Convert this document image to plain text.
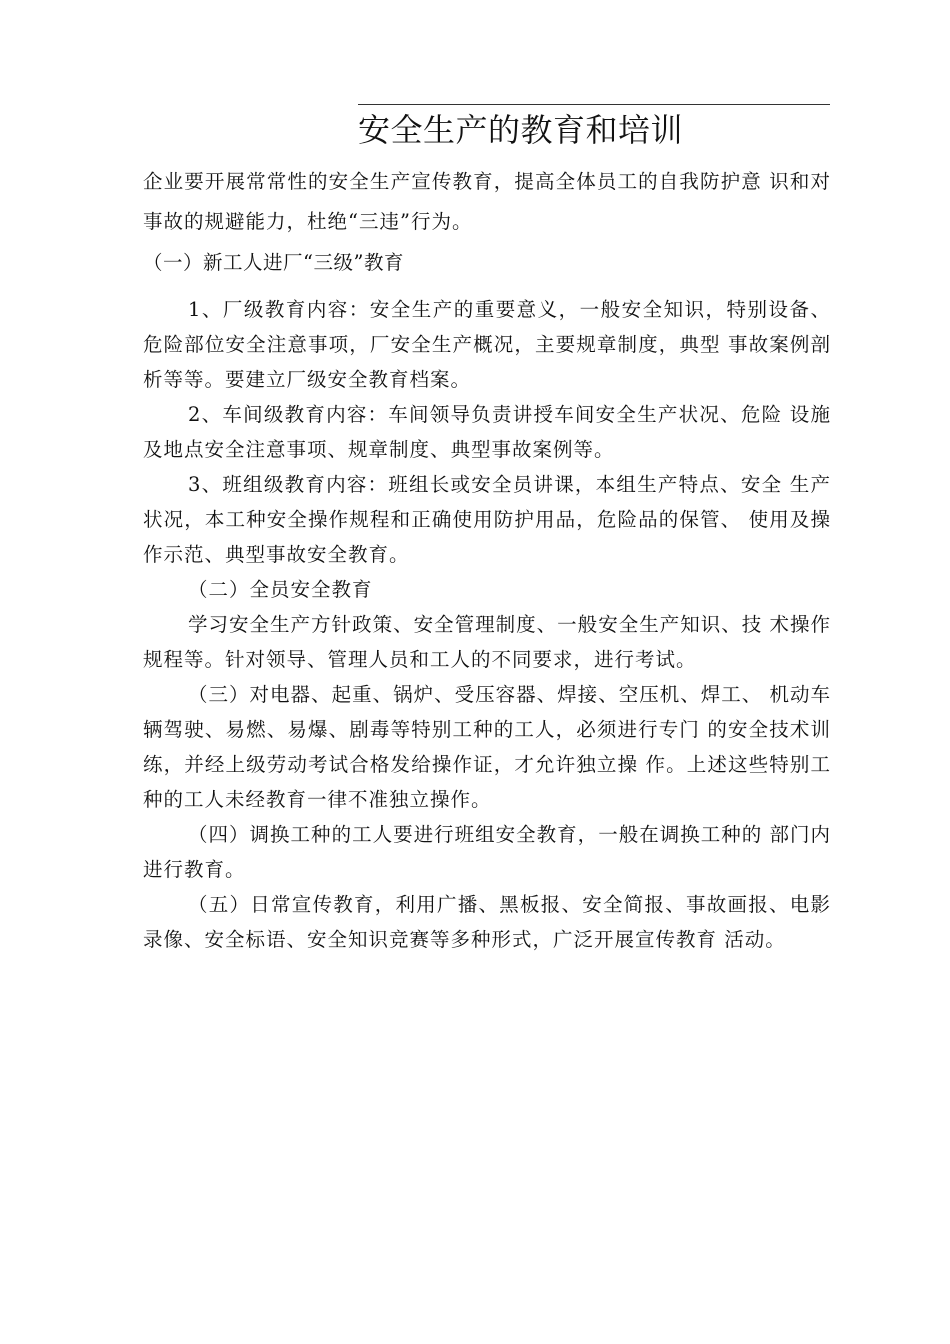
安全生产的教育和培训

企业要开展常常性的安全生产宣传教育，提高全体员工的自我防护意 识和对事故的规避能力，杜绝“三违”行为。

（一）新工人进厂“三级”教育

1、厂级教育内容：安全生产的重要意义，一般安全知识，特别设备、危险部位安全注意事项，厂安全生产概况，主要规章制度，典型 事故案例剖析等等。要建立厂级安全教育档案。

2、车间级教育内容：车间领导负责讲授车间安全生产状况、危险 设施及地点安全注意事项、规章制度、典型事故案例等。

3、班组级教育内容：班组长或安全员讲课，本组生产特点、安全 生产状况，本工种安全操作规程和正确使用防护用品，危险品的保管、 使用及操作示范、典型事故安全教育。

（二）全员安全教育

学习安全生产方针政策、安全管理制度、一般安全生产知识、技 术操作规程等。针对领导、管理人员和工人的不同要求，进行考试。

（三）对电器、起重、锅炉、受压容器、焊接、空压机、焊工、 机动车辆驾驶、易燃、易爆、剧毒等特别工种的工人，必须进行专门 的安全技术训练，并经上级劳动考试合格发给操作证，才允许独立操 作。上述这些特别工种的工人未经教育一律不准独立操作。

（四）调换工种的工人要进行班组安全教育，一般在调换工种的 部门内进行教育。

（五）日常宣传教育，利用广播、黑板报、安全简报、事故画报、电影录像、安全标语、安全知识竞赛等多种形式，广泛开展宣传教育 活动。
